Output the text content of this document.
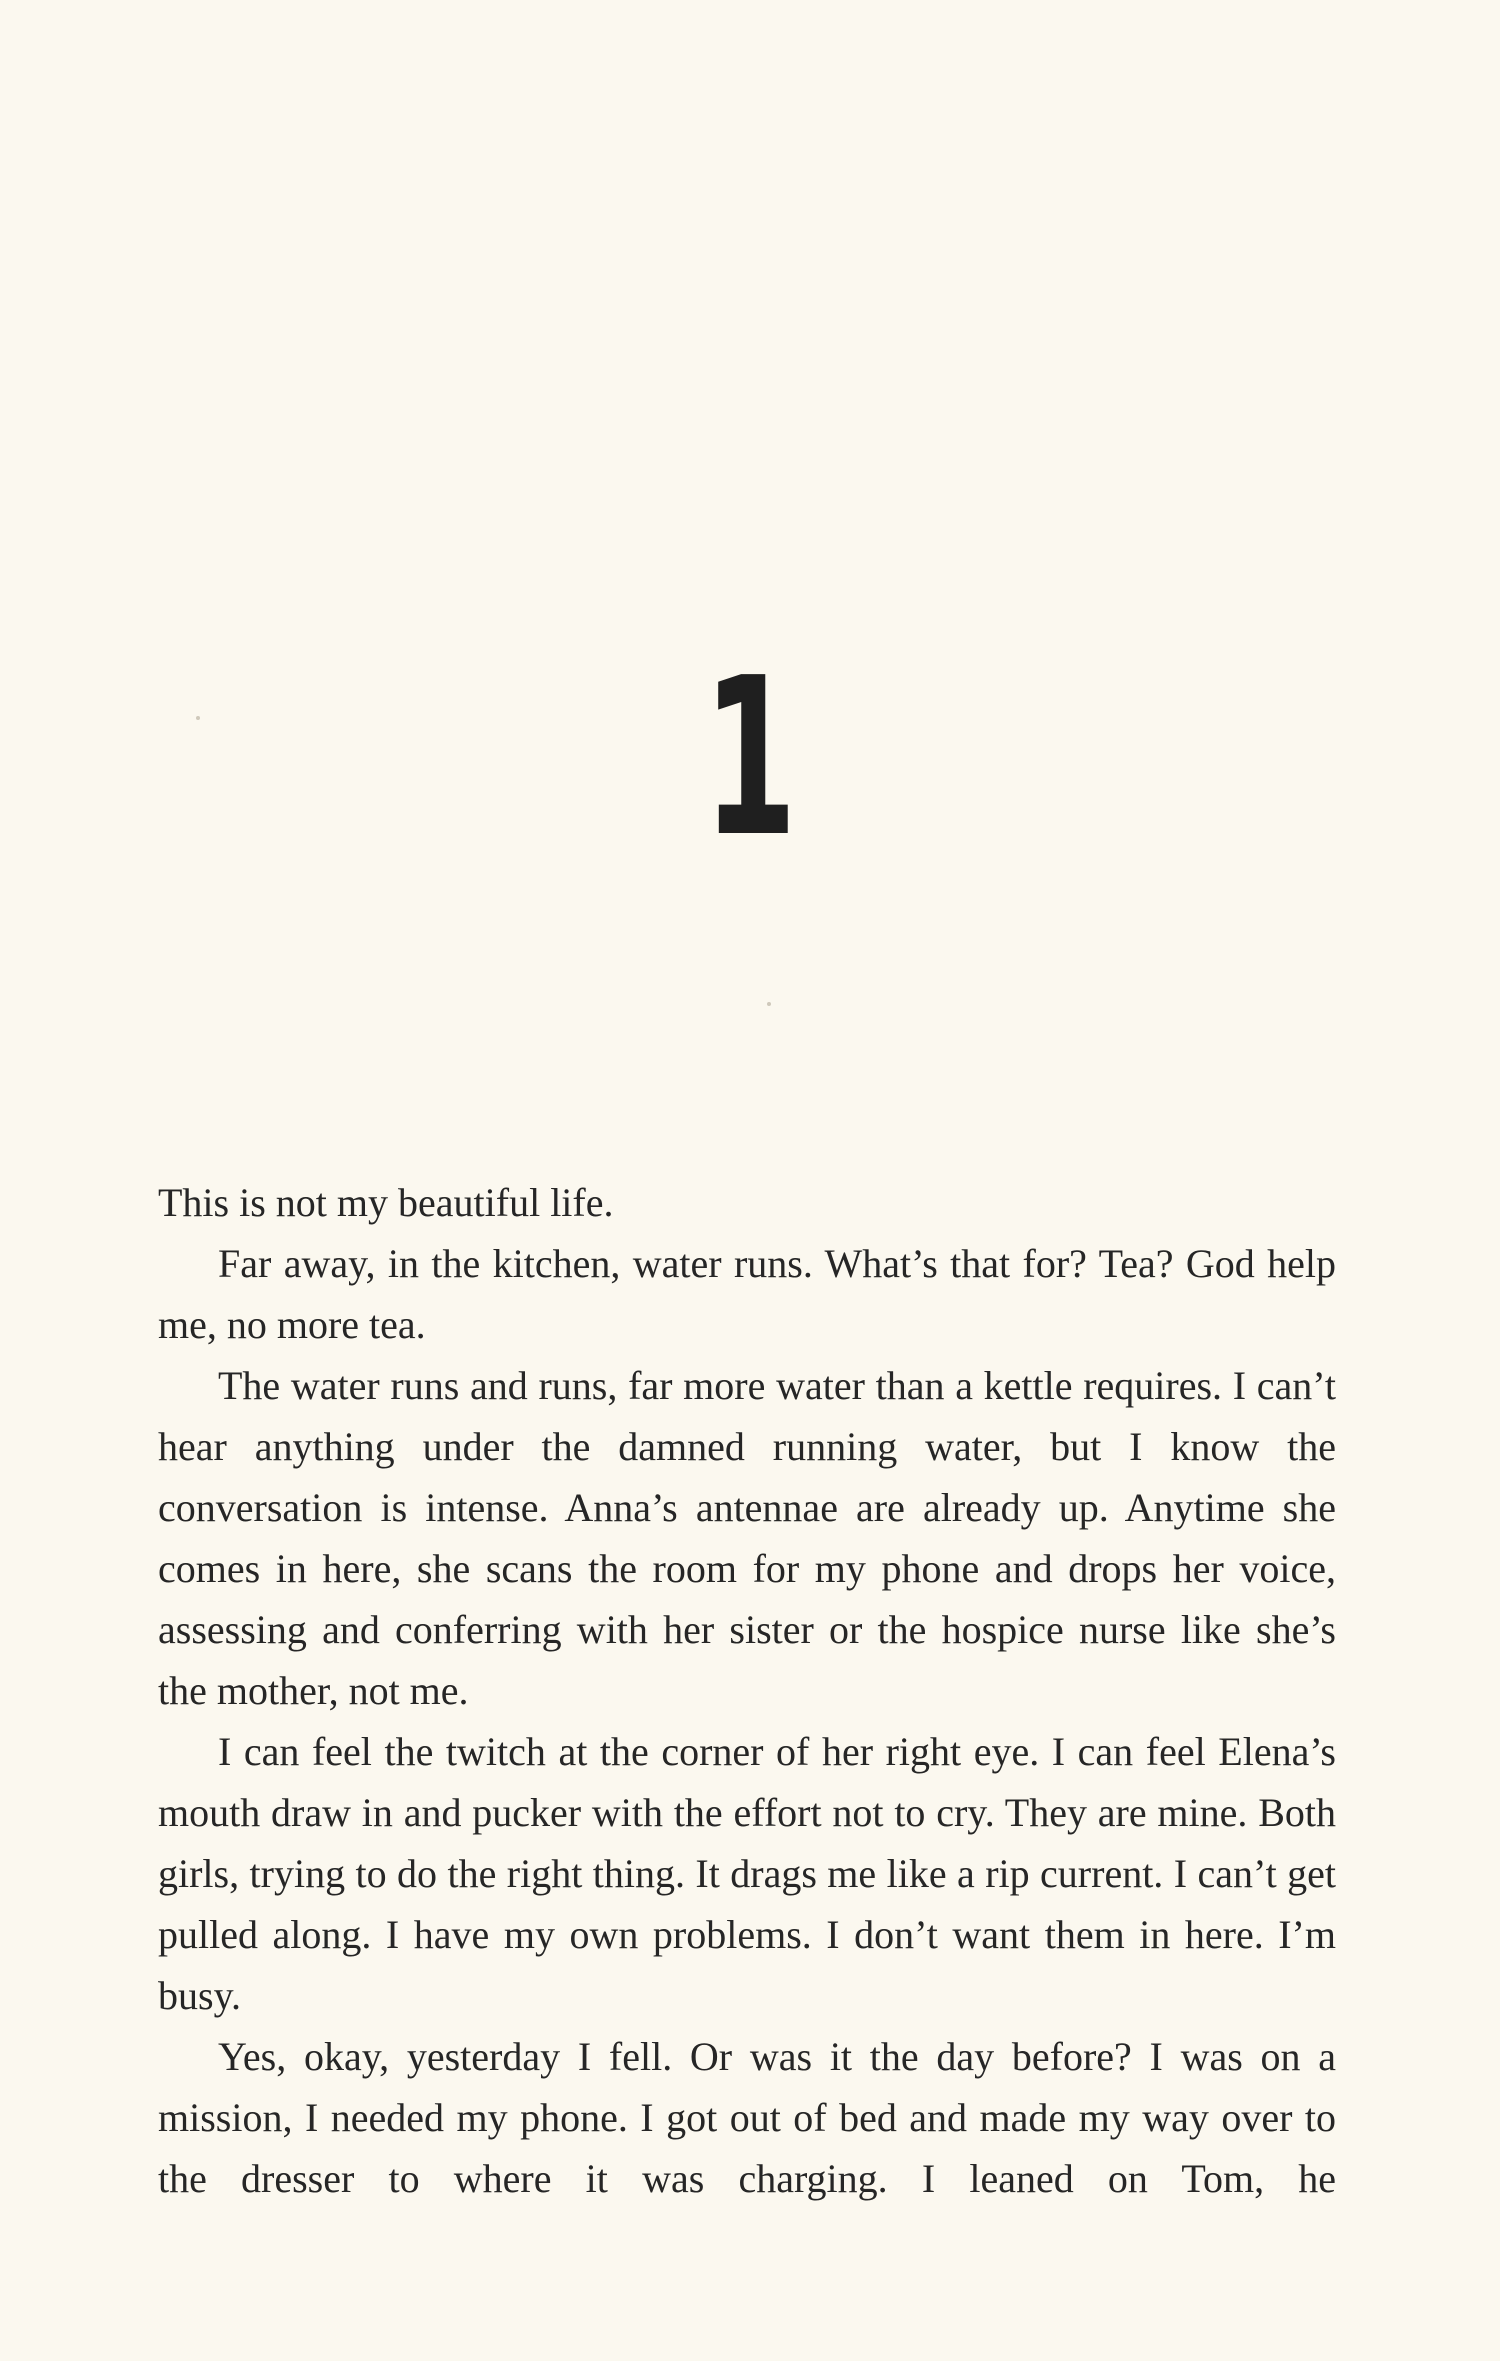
1

This is not my beautiful life.

Far away, in the kitchen, water runs. What’s that for? Tea? God help me, no more tea.

The water runs and runs, far more water than a kettle requires. I can’t hear anything under the damned running water, but I know the conversation is intense. Anna’s antennae are already up. Anytime she comes in here, she scans the room for my phone and drops her voice, assessing and conferring with her sister or the hospice nurse like she’s the mother, not me.

I can feel the twitch at the corner of her right eye. I can feel Elena’s mouth draw in and pucker with the effort not to cry. They are mine. Both girls, trying to do the right thing. It drags me like a rip current. I can’t get pulled along. I have my own problems. I don’t want them in here. I’m busy.

Yes, okay, yesterday I fell. Or was it the day before? I was on a mission, I needed my phone. I got out of bed and made my way over to the dresser to where it was charging. I leaned on Tom, he
